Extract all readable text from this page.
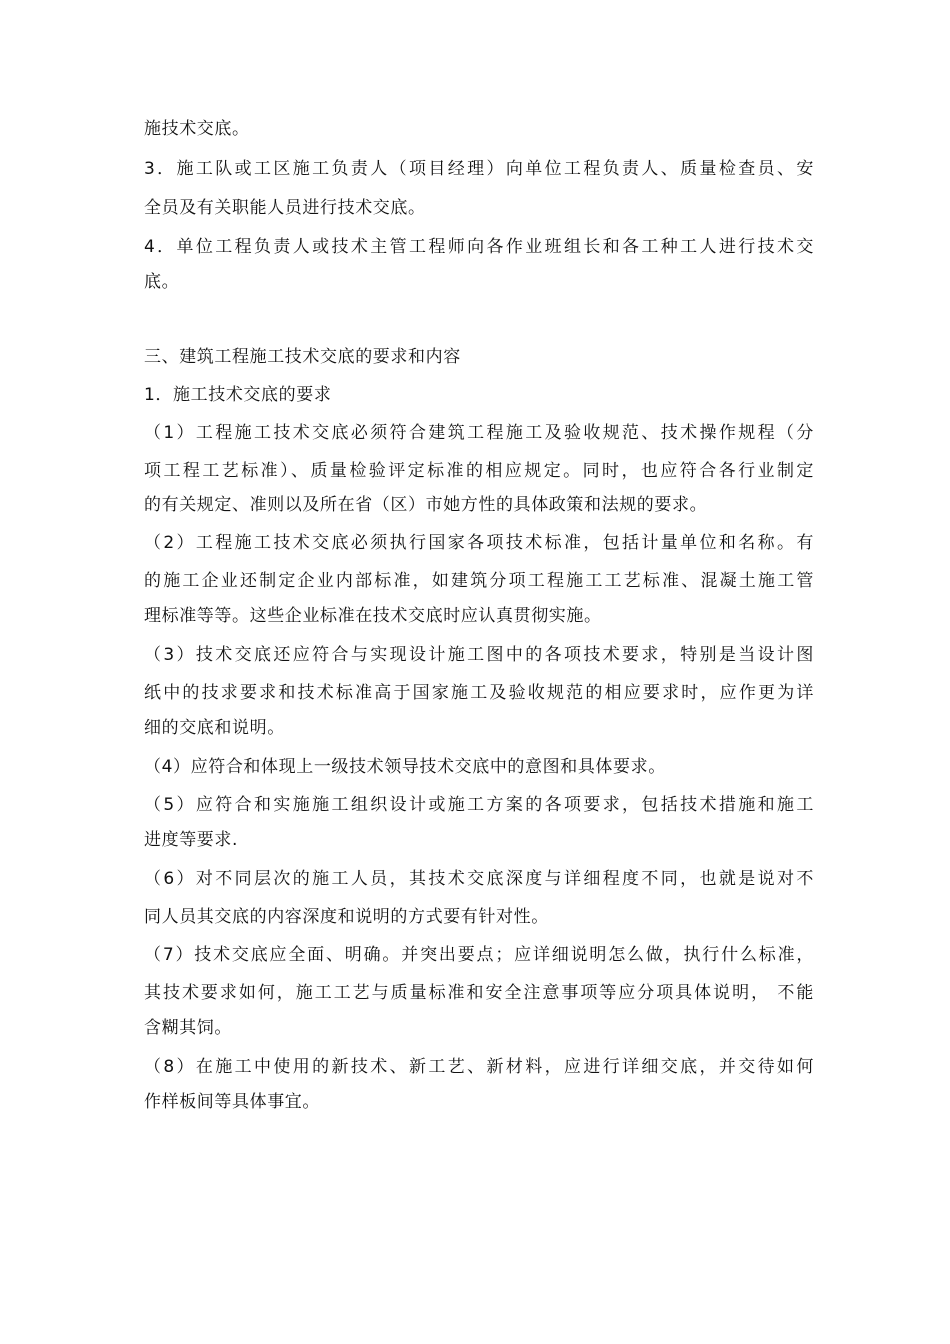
施技术交底。
3．施工队或工区施工负责人（项目经理）向单位工程负责人、质量检查员、安
全员及有关职能人员进行技术交底。
4．单位工程负责人或技术主管工程师向各作业班组长和各工种工人进行技术交
底。
三、建筑工程施工技术交底的要求和内容
1．施工技术交底的要求
（1）工程施工技术交底必须符合建筑工程施工及验收规范、技术操作规程（分
项工程工艺标准）、质量检验评定标准的相应规定。同时，也应符合各行业制定
的有关规定、准则以及所在省（区）市她方性的具体政策和法规的要求。
（2）工程施工技术交底必须执行国家各项技术标准，包括计量单位和名称。有
的施工企业还制定企业内部标准，如建筑分项工程施工工艺标准、混凝土施工管
理标准等等。这些企业标准在技术交底时应认真贯彻实施。
（3）技术交底还应符合与实现设计施工图中的各项技术要求，特别是当设计图
纸中的技求要求和技术标准高于国家施工及验收规范的相应要求时，应作更为详
细的交底和说明。
（4）应符合和体现上一级技术领导技术交底中的意图和具体要求。
（5）应符合和实施施工组织设计或施工方案的各项要求，包括技术措施和施工
进度等要求.
（6）对不同层次的施工人员，其技术交底深度与详细程度不同，也就是说对不
同人员其交底的内容深度和说明的方式要有针对性。
（7）技术交底应全面、明确。并突出要点；应详细说明怎么做，执行什么标准，
其技术要求如何，施工工艺与质量标准和安全注意事项等应分项具体说明， 不能
含糊其饲。
（8）在施工中使用的新技术、新工艺、新材料，应进行详细交底，并交待如何
作样板间等具体事宜。
